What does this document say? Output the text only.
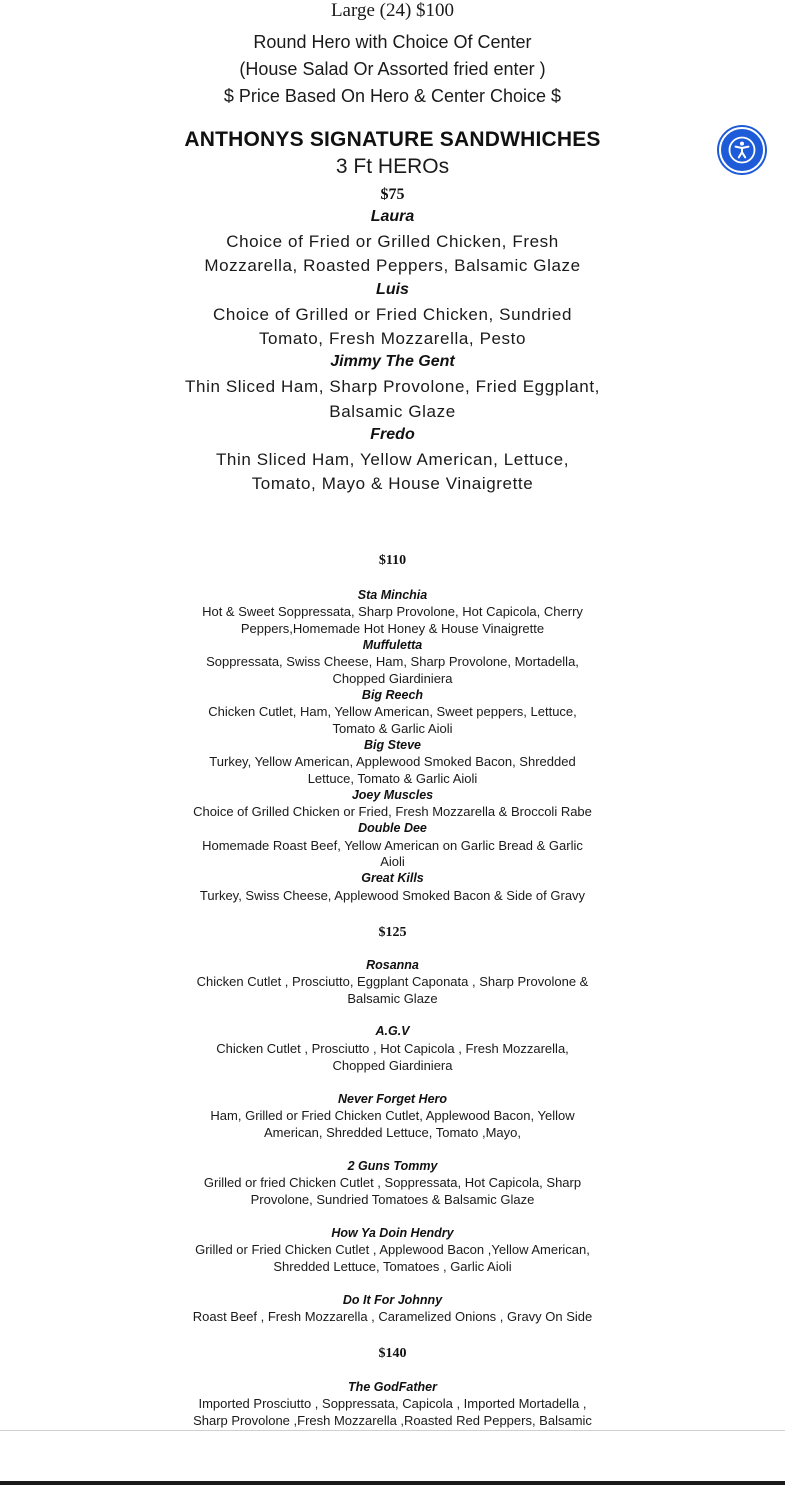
Large (24) $100
Round Hero with Choice Of Center
(House Salad Or Assorted fried enter )
$ Price Based On Hero & Center Choice $
ANTHONYS SIGNATURE SANDWHICHES
3 Ft HEROs
$75
Laura
Choice of Fried or Grilled Chicken, Fresh
Mozzarella, Roasted Peppers, Balsamic Glaze
Luis
Choice of Grilled or Fried Chicken, Sundried
Tomato, Fresh Mozzarella, Pesto
Jimmy The Gent
Thin Sliced Ham, Sharp Provolone, Fried Eggplant,
Balsamic Glaze
Fredo
Thin Sliced Ham, Yellow American, Lettuce,
Tomato, Mayo & House Vinaigrette
$110
Sta Minchia
Hot & Sweet Soppressata, Sharp Provolone, Hot Capicola, Cherry
Peppers,Homemade Hot Honey & House Vinaigrette
Muffuletta
Soppressata, Swiss Cheese, Ham, Sharp Provolone, Mortadella,
Chopped Giardiniera
Big Reech
Chicken Cutlet, Ham, Yellow American, Sweet peppers, Lettuce,
Tomato & Garlic Aioli
Big Steve
Turkey, Yellow American, Applewood Smoked Bacon, Shredded
Lettuce, Tomato & Garlic Aioli
Joey Muscles
Choice of Grilled Chicken or Fried, Fresh Mozzarella & Broccoli Rabe
Double Dee
Homemade Roast Beef, Yellow American on Garlic Bread & Garlic
Aioli
Great Kills
Turkey, Swiss Cheese, Applewood Smoked Bacon & Side of Gravy
$125
Rosanna
Chicken Cutlet , Prosciutto, Eggplant Caponata , Sharp Provolone &
Balsamic Glaze
A.G.V
Chicken Cutlet , Prosciutto , Hot Capicola , Fresh Mozzarella,
Chopped Giardiniera
Never Forget Hero
Ham, Grilled or Fried Chicken Cutlet, Applewood Bacon, Yellow
American, Shredded Lettuce, Tomato ,Mayo,
2 Guns Tommy
Grilled or fried Chicken Cutlet , Soppressata, Hot Capicola, Sharp
Provolone, Sundried Tomatoes & Balsamic Glaze
How Ya Doin Hendry
Grilled or Fried Chicken Cutlet , Applewood Bacon ,Yellow American,
Shredded Lettuce, Tomatoes , Garlic Aioli
Do It For Johnny
Roast Beef , Fresh Mozzarella , Caramelized Onions , Gravy On Side
$140
The GodFather
Imported Prosciutto , Soppressata, Capicola , Imported Mortadella ,
Sharp Provolone ,Fresh Mozzarella ,Roasted Red Peppers, Balsamic
